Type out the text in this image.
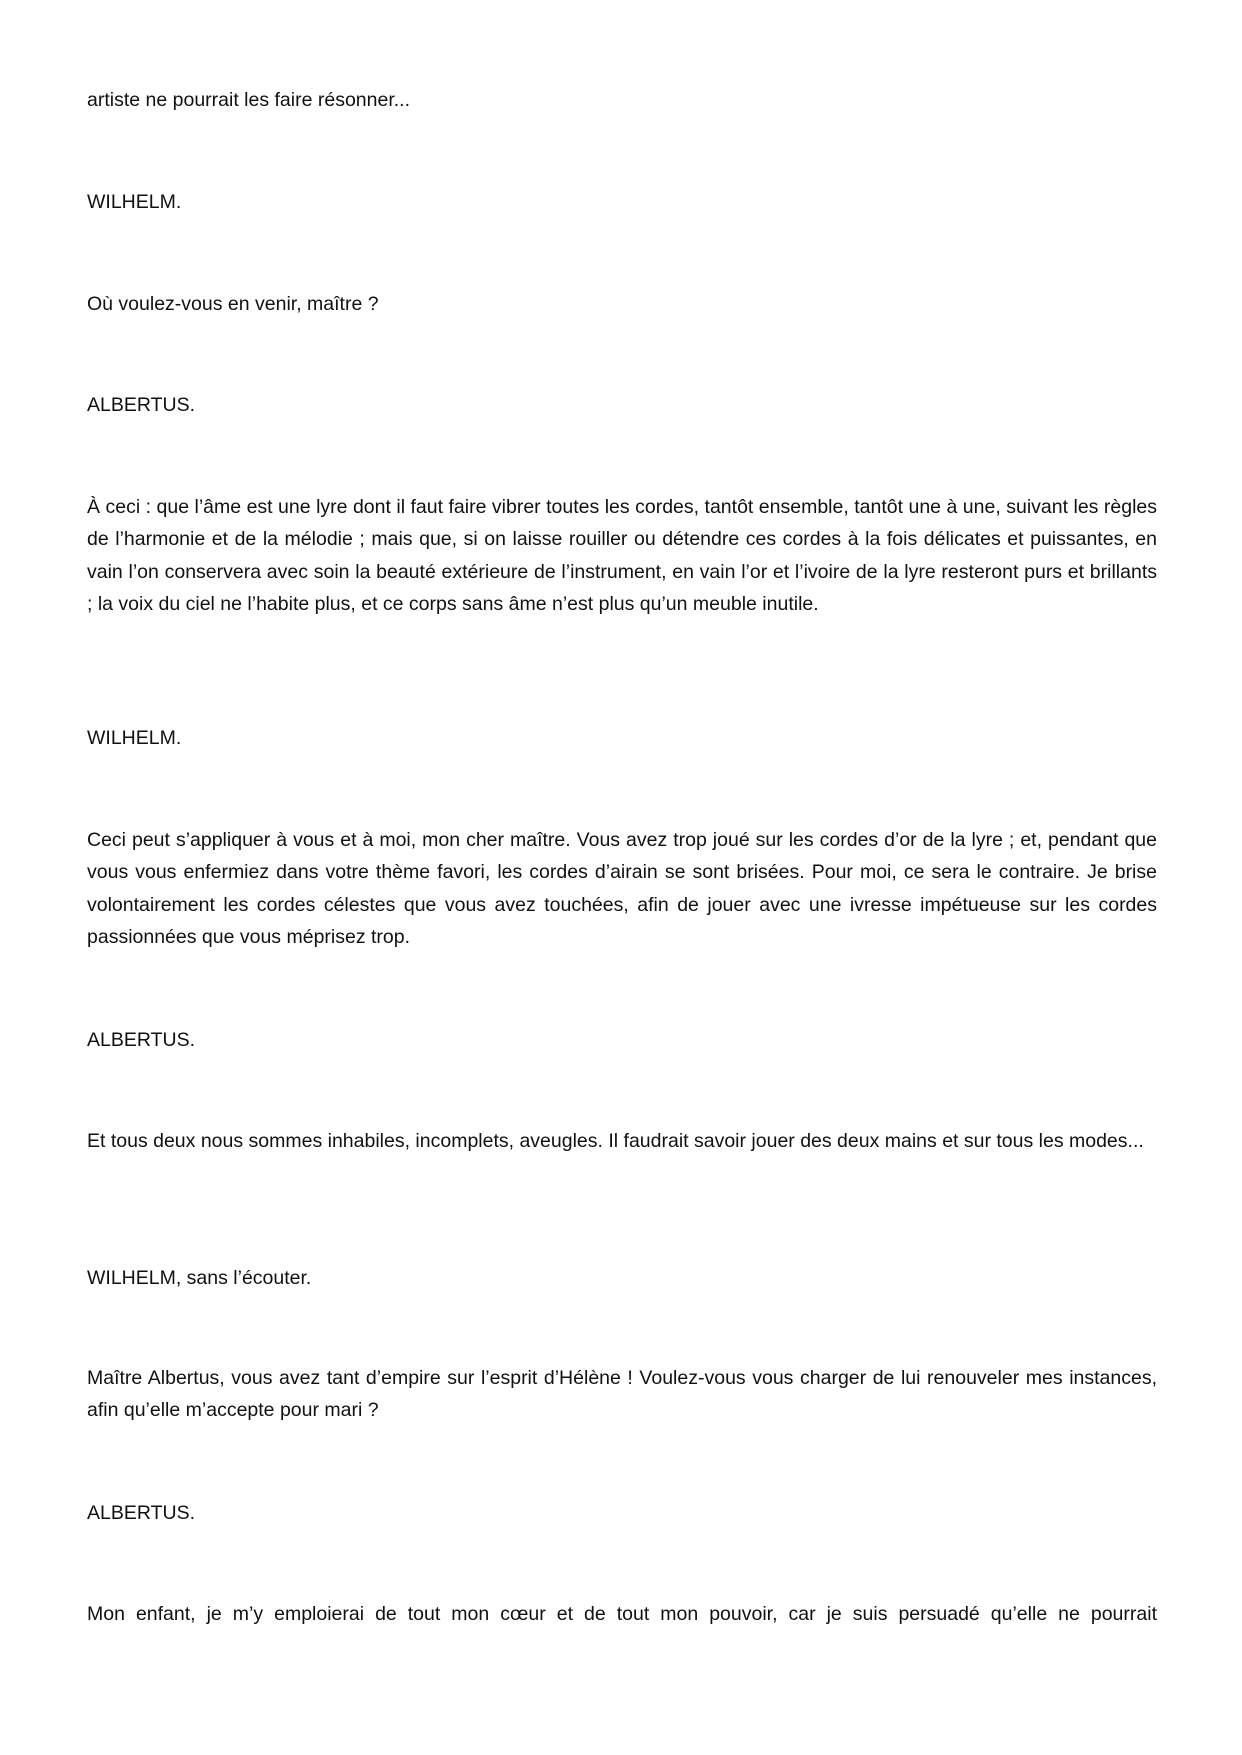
artiste ne pourrait les faire résonner...

WILHELM.

Où voulez-vous en venir, maître ?

ALBERTUS.

À ceci : que l’âme est une lyre dont il faut faire vibrer toutes les cordes, tantôt ensemble, tantôt une à une, suivant les règles de l’harmonie et de la mélodie ; mais que, si on laisse rouiller ou détendre ces cordes à la fois délicates et puissantes, en vain l’on conservera avec soin la beauté extérieure de l’instrument, en vain l’or et l’ivoire de la lyre resteront purs et brillants ; la voix du ciel ne l’habite plus, et ce corps sans âme n’est plus qu’un meuble inutile.

WILHELM.

Ceci peut s’appliquer à vous et à moi, mon cher maître. Vous avez trop joué sur les cordes d’or de la lyre ; et, pendant que vous vous enfermiez dans votre thème favori, les cordes d’airain se sont brisées. Pour moi, ce sera le contraire. Je brise volontairement les cordes célestes que vous avez touchées, afin de jouer avec une ivresse impétueuse sur les cordes passionnées que vous méprisez trop.

ALBERTUS.

Et tous deux nous sommes inhabiles, incomplets, aveugles. Il faudrait savoir jouer des deux mains et sur tous les modes...

WILHELM, sans l’écouter.

Maître Albertus, vous avez tant d’empire sur l’esprit d’Hélène ! Voulez-vous vous charger de lui renouveler mes instances, afin qu’elle m’accepte pour mari ?

ALBERTUS.

Mon enfant, je m’y emploierai de tout mon cœur et de tout mon pouvoir, car je suis persuadé qu’elle ne pourrait
